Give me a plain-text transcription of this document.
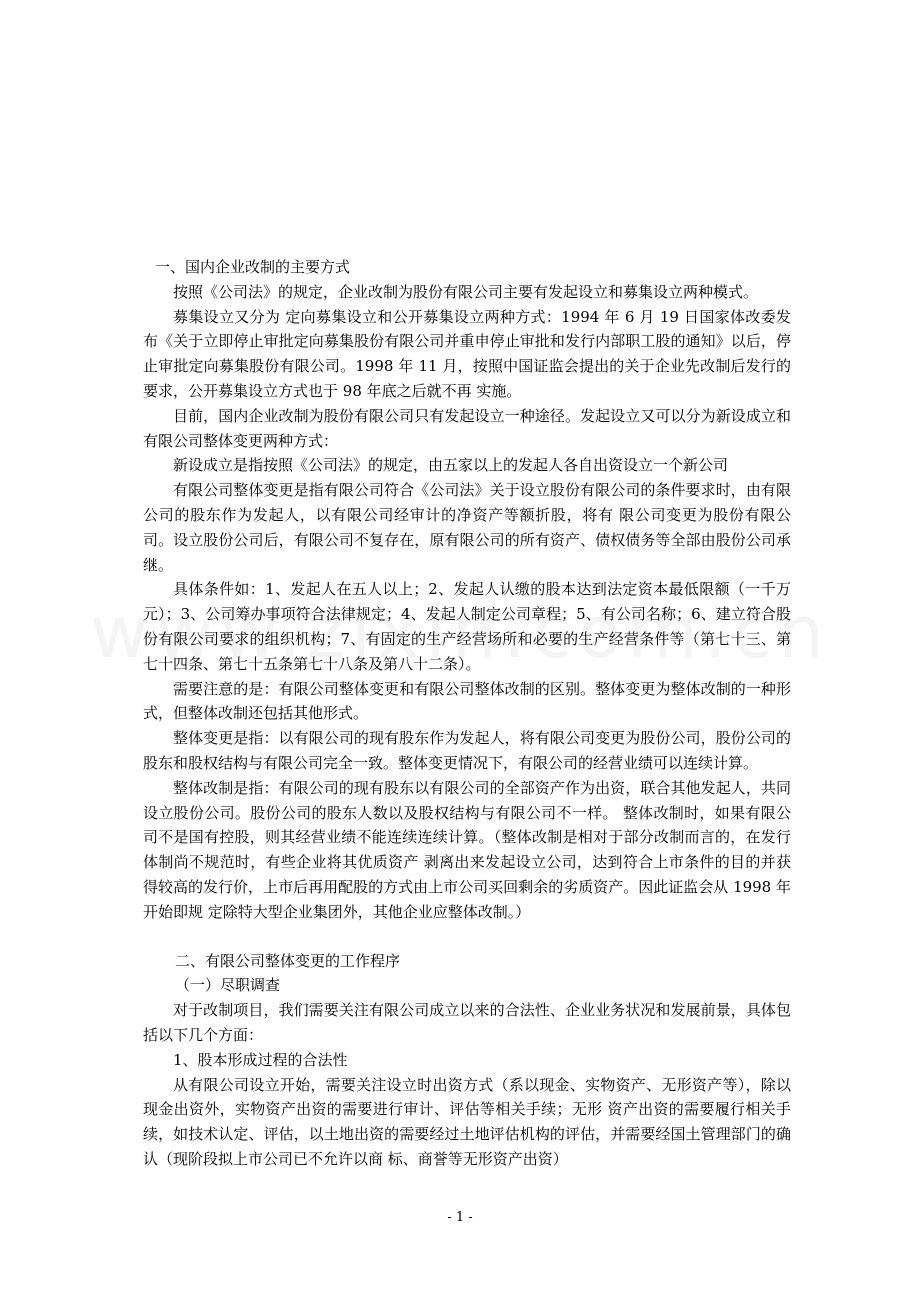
一、国内企业改制的主要方式

按照《公司法》的规定，企业改制为股份有限公司主要有发起设立和募集设立两种模式。

募集设立又分为 定向募集设立和公开募集设立两种方式：1994 年 6 月 19 日国家体改委发布《关于立即停止审批定向募集股份有限公司并重申停止审批和发行内部职工股的通知》以后，停止审批定向募集股份有限公司。1998 年 11 月，按照中国证监会提出的关于企业先改制后发行的要求，公开募集设立方式也于 98 年底之后就不再 实施。

目前，国内企业改制为股份有限公司只有发起设立一种途径。发起设立又可以分为新设成立和有限公司整体变更两种方式：

新设成立是指按照《公司法》的规定，由五家以上的发起人各自出资设立一个新公司

有限公司整体变更是指有限公司符合《公司法》关于设立股份有限公司的条件要求时，由有限公司的股东作为发起人，以有限公司经审计的净资产等额折股，将有 限公司变更为股份有限公司。设立股份公司后，有限公司不复存在，原有限公司的所有资产、债权债务等全部由股份公司承继。

具体条件如：1、发起人在五人以上；2、发起人认缴的股本达到法定资本最低限额（一千万元）；3、公司筹办事项符合法律规定；4、发起人制定公司章程；5、有公司名称；6、建立符合股份有限公司要求的组织机构；7、有固定的生产经营场所和必要的生产经营条件等（第七十三、第七十四条、第七十五条第七十八条及第八十二条）。

需要注意的是：有限公司整体变更和有限公司整体改制的区别。整体变更为整体改制的一种形式，但整体改制还包括其他形式。

整体变更是指：以有限公司的现有股东作为发起人，将有限公司变更为股份公司，股份公司的股东和股权结构与有限公司完全一致。整体变更情况下，有限公司的经营业绩可以连续计算。

整体改制是指：有限公司的现有股东以有限公司的全部资产作为出资，联合其他发起人，共同设立股份公司。股份公司的股东人数以及股权结构与有限公司不一样。 整体改制时，如果有限公司不是国有控股，则其经营业绩不能连续连续计算。（整体改制是相对于部分改制而言的，在发行体制尚不规范时，有些企业将其优质资产 剥离出来发起设立公司，达到符合上市条件的目的并获得较高的发行价，上市后再用配股的方式由上市公司买回剩余的劣质资产。因此证监会从 1998 年开始即规 定除特大型企业集团外，其他企业应整体改制。）

二、有限公司整体变更的工作程序

（一）尽职调查

对于改制项目，我们需要关注有限公司成立以来的合法性、企业业务状况和发展前景，具体包括以下几个方面：

1、股本形成过程的合法性

从有限公司设立开始，需要关注设立时出资方式（系以现金、实物资产、无形资产等），除以现金出资外，实物资产出资的需要进行审计、评估等相关手续；无形 资产出资的需要履行相关手续，如技术认定、评估，以土地出资的需要经过土地评估机构的评估，并需要经国土管理部门的确认（现阶段拟上市公司已不允许以商 标、商誉等无形资产出资）

- 1 -
